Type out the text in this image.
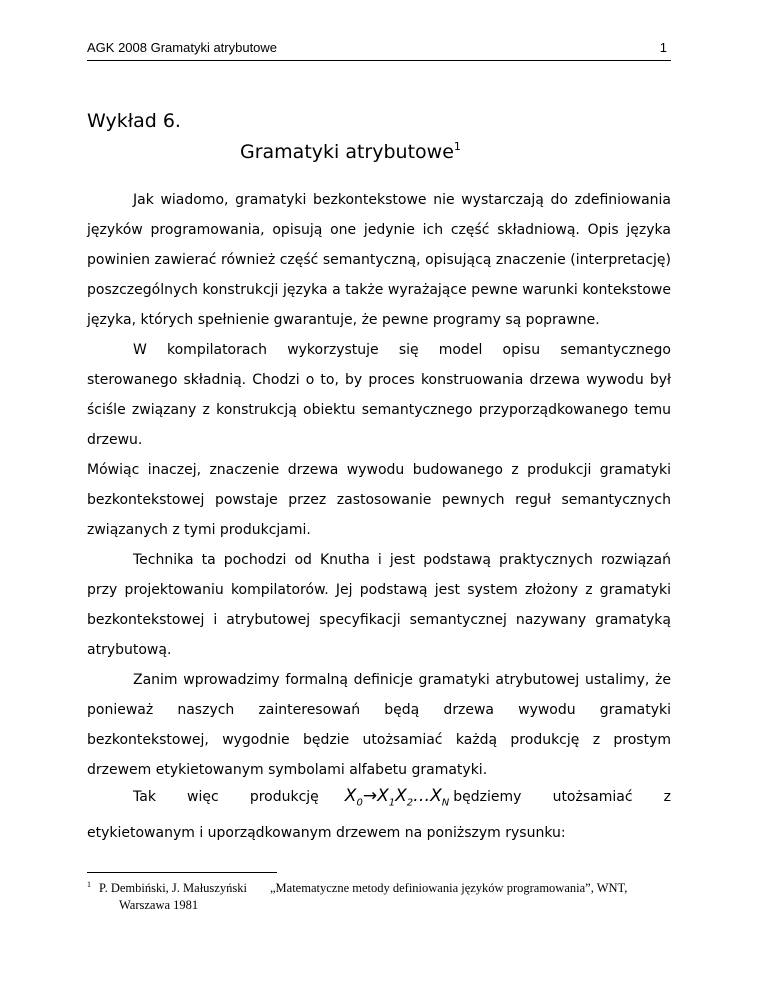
AGK 2008 Gramatyki atrybutowe	1
Wykład 6.
Gramatyki atrybutowe$^1$

Jak wiadomo, gramatyki bezkontekstowe nie wystarczają do zdefiniowania języków programowania, opisują one jedynie ich część składniową. Opis języka powinien zawierać również część semantyczną, opisującą znaczenie (interpretację) poszczególnych konstrukcji języka a także wyrażające pewne warunki kontekstowe języka, których spełnienie gwarantuje, że pewne programy są poprawne.

W kompilatorach wykorzystuje się model opisu semantycznego sterowanego składnią. Chodzi o to, by proces konstruowania drzewa wywodu był ściśle związany z konstrukcją obiektu semantycznego przyporządkowanego temu drzewu.

Mówiąc inaczej, znaczenie drzewa wywodu budowanego z produkcji gramatyki bezkontekstowej powstaje przez zastosowanie pewnych reguł semantycznych związanych z tymi produkcjami.

Technika ta pochodzi od Knutha i jest podstawą praktycznych rozwiązań przy projektowaniu kompilatorów. Jej podstawą jest system złożony z gramatyki bezkontekstowej i atrybutowej specyfikacji semantycznej nazywany gramatyką atrybutową.

Zanim wprowadzimy formalną definicje gramatyki atrybutowej ustalimy, że ponieważ naszych zainteresowań będą drzewa wywodu gramatyki bezkontekstowej, wygodnie będzie utożsamiać każdą produkcję z prostym drzewem etykietowanym symbolami alfabetu gramatyki.

Tak więc produkcję $X_0\to X_1X_2\dots X_N$ będziemy utożsamiać z etykietowanym i uporządkowanym drzewem na poniższym rysunku:

1 P. Dembiński, J. Małuszyński „Matematyczne metody definiowania języków programowania”, WNT,
Warszawa 1981
